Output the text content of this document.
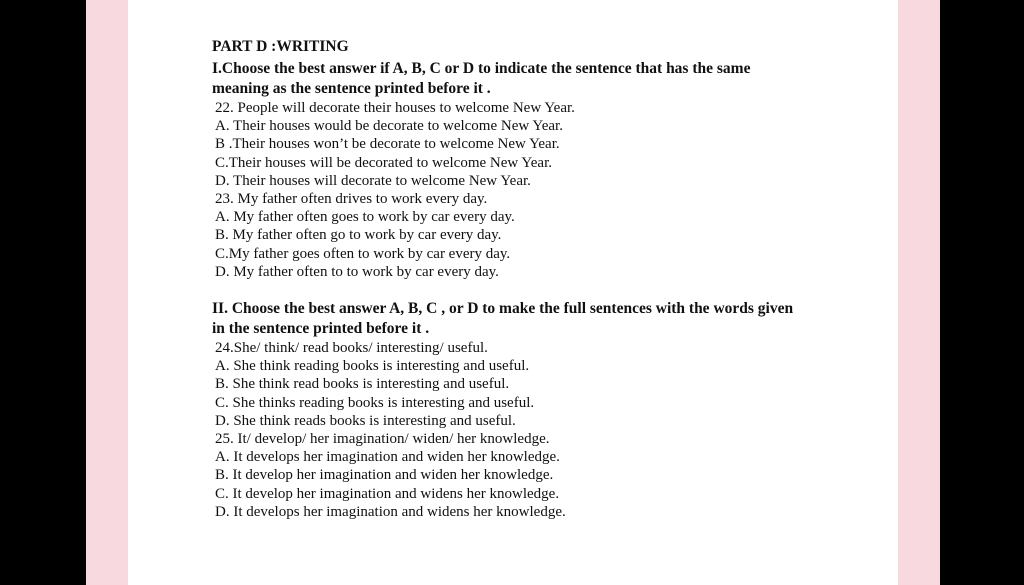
PART D :WRITING

I.Choose the best answer if A, B, C or D to indicate the sentence that has the same

meaning as the sentence printed before it .

22. People will decorate their houses to welcome New Year.

A. Their houses would be decorate to welcome New Year.

B .Their houses won’t be decorate to welcome New Year.

C.Their houses will be decorated to welcome New Year.

D. Their houses will decorate to welcome New Year.

23. My father often drives to work every day.

A. My father often goes to work by car every day.

B. My father often go to work by car every day.

C.My father goes often to work by car every day.

D. My father often to to work by car every day.

II. Choose the best answer A, B, C , or D to make the full sentences with the words given

in the sentence printed before it .

24.She/ think/ read books/ interesting/ useful.

A. She think reading books is interesting and useful.

B. She think read books is interesting and useful.

C. She thinks reading books is interesting and useful.

D. She think reads books is interesting and useful.

25. It/ develop/ her imagination/ widen/ her knowledge.

A. It develops her imagination and widen her knowledge.

B. It develop her imagination and widen her knowledge.

C. It develop her imagination and widens her knowledge.

D. It develops her imagination and widens her knowledge.
